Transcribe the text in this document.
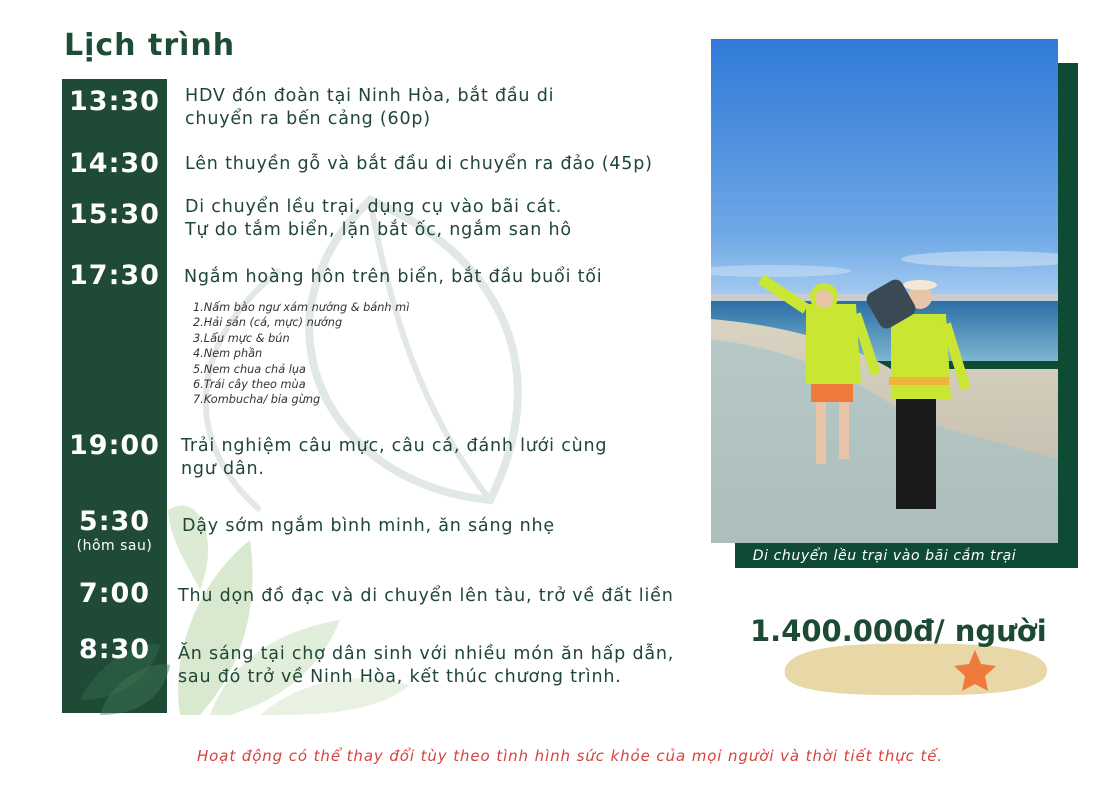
Lịch trình
13:30
14:30
15:30
17:30
19:00
5:30
(hôm sau)
7:00
8:30
HDV đón đoàn tại Ninh Hòa, bắt đầu di
chuyển ra bến cảng (60p)
Lên thuyền gỗ và bắt đầu di chuyển ra đảo (45p)
Di chuyển lều trại, dụng cụ vào bãi cát.
Tự do tắm biển, lặn bắt ốc, ngắm san hô
Ngắm hoàng hôn trên biển, bắt đầu buổi tối
1.Nấm bào ngư xám nướng & bánh mì
2.Hải sản (cá, mực) nướng
3.Lẩu mực & bún
4.Nem phần
5.Nem chua chả lụa
6.Trái cây theo mùa
7.Kombucha/ bia gừng
Trải nghiệm câu mực, câu cá, đánh lưới cùng
ngư dân.
Dậy sớm ngắm bình minh, ăn sáng nhẹ
Thu dọn đồ đạc và di chuyển lên tàu, trở về đất liền
Ăn sáng tại chợ dân sinh với nhiều món ăn hấp dẫn,
sau đó trở về Ninh Hòa, kết thúc chương trình.
Di chuyển lều trại vào bãi cắm trại
1.400.000đ/ người
Hoạt động có thể thay đổi tùy theo tình hình sức khỏe của mọi người và thời tiết thực tế.
